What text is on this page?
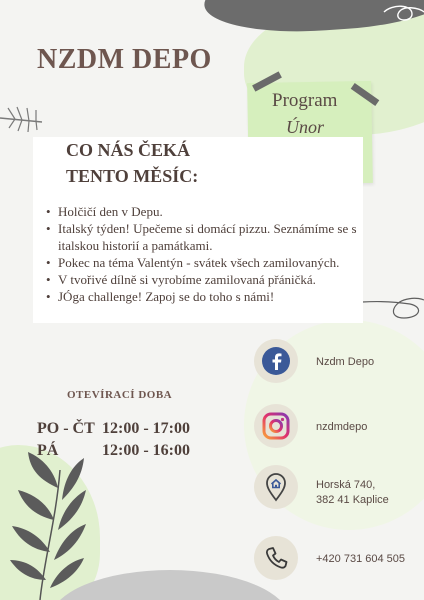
NZDM DEPO
Program
Únor
CO NÁS ČEKÁ
TENTO MĚSÍC:
• Holčičí den v Depu.
• Italský týden! Upečeme si domácí pizzu. Seznámíme se s italskou historií a památkami.
• Pokec na téma Valentýn - svátek všech zamilovaných.
• V tvořivé dílně si vyrobíme zamilovaná přáničká.
• JÓga challenge! Zapoj se do toho s námi!
OTEVÍRACÍ DOBA
PO - ČT 12:00 - 17:00
PÁ	12:00 - 16:00
Nzdm Depo
nzdmdepo
Horská 740,
382 41 Kaplice
+420 731 604 505
